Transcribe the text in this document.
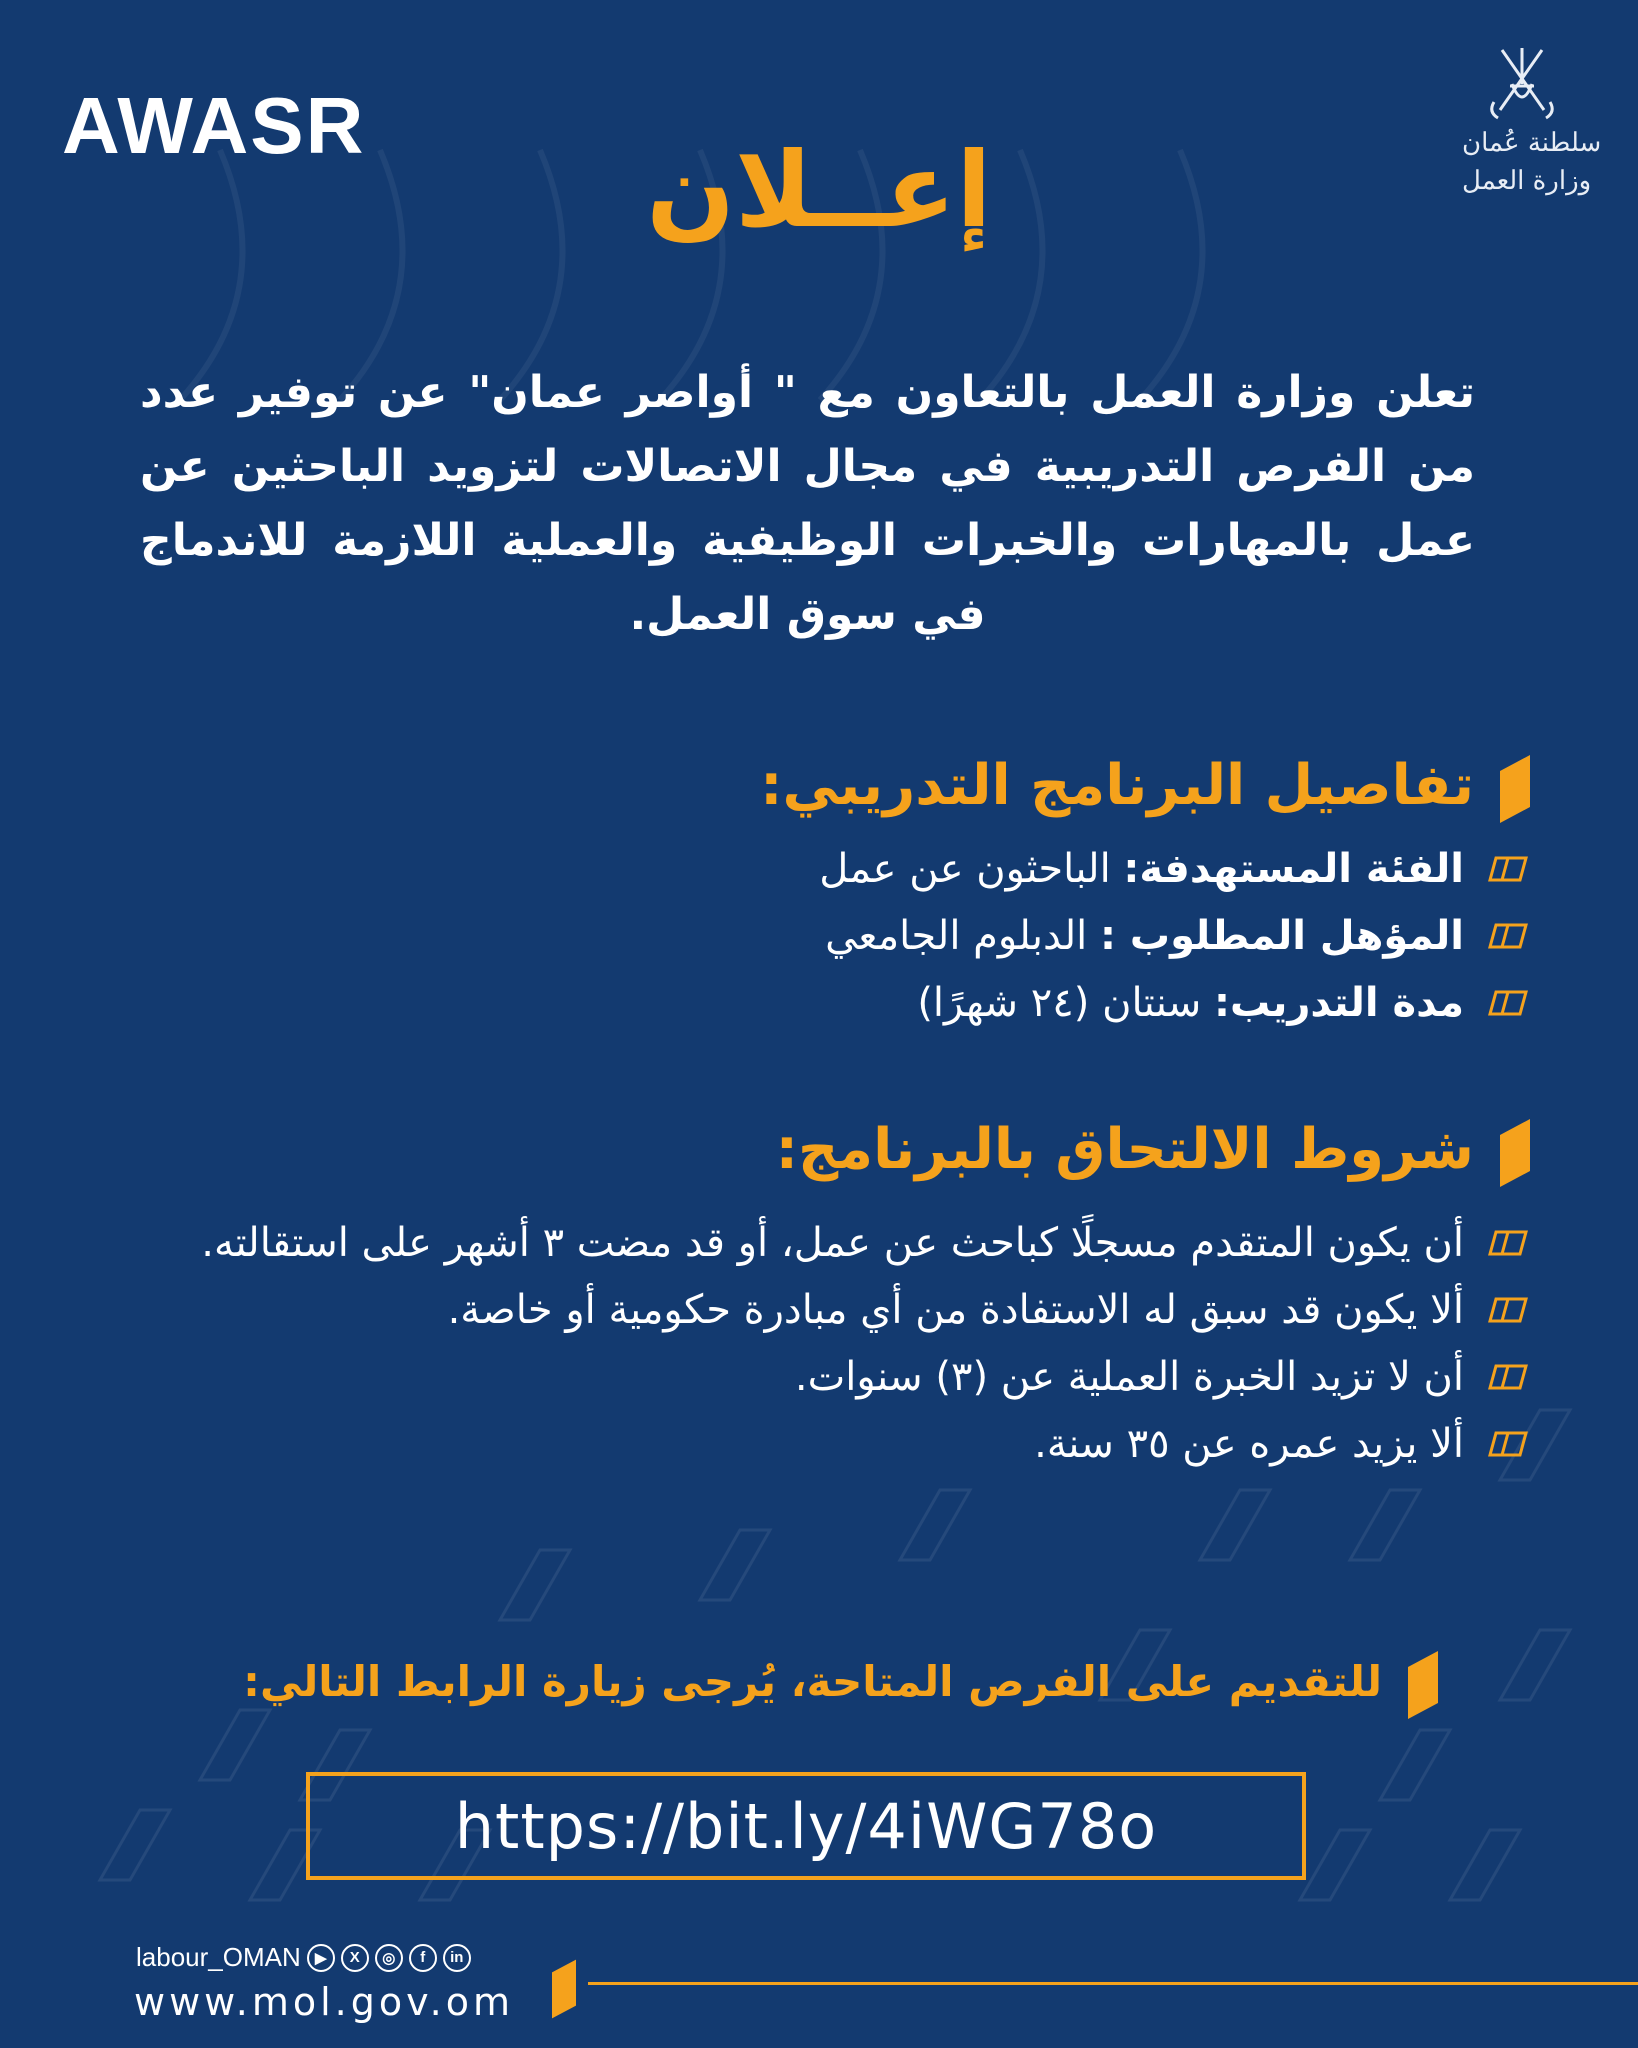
AWASR	سلطنة عُمان
وزارة العمل
إعــلان
تعلن وزارة العمل بالتعاون مع " أواصر عمان" عن توفير عدد من الفرص التدريبية في مجال الاتصالات لتزويد الباحثين عن عمل بالمهارات والخبرات الوظيفية والعملية اللازمة للاندماج في سوق العمل.
تفاصيل البرنامج التدريبي:
الفئة المستهدفة: الباحثون عن عمل
المؤهل المطلوب : الدبلوم الجامعي
مدة التدريب: سنتان (٢٤ شهرًا)
شروط الالتحاق بالبرنامج:
أن يكون المتقدم مسجلًا كباحث عن عمل، أو قد مضت ٣ أشهر على استقالته.
ألا يكون قد سبق له الاستفادة من أي مبادرة حكومية أو خاصة.
أن لا تزيد الخبرة العملية عن (٣) سنوات.
ألا يزيد عمره عن ٣٥ سنة.
للتقديم على الفرص المتاحة، يُرجى زيارة الرابط التالي:
https://bit.ly/4iWG78o
labour_OMAN ▶	X	◎	f	in
www.mol.gov.om
